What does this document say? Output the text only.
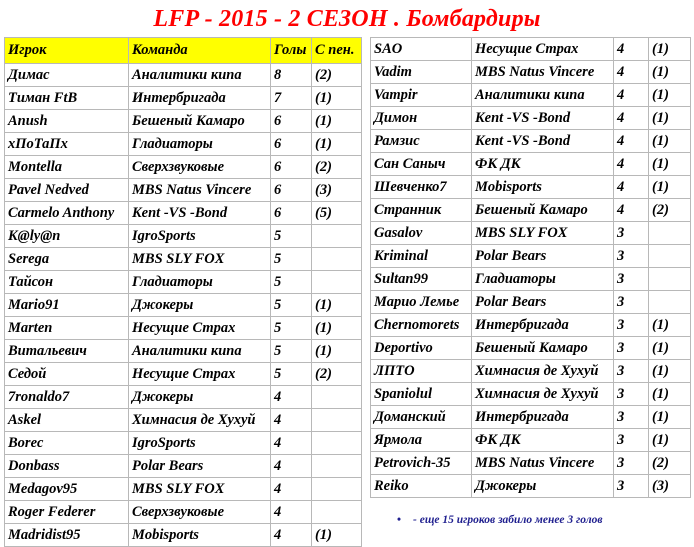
LFP - 2015 - 2 СЕЗОН . Бомбардиры
Игрок	Команда	Голы	С пен.
Димас	Аналитики кипа	8	(2)
Тuман FtB	Интербригада	7	(1)
Anush	Бешеный Камаро	6	(1)
хПоТаПх	Гладиаторы	6	(1)
Montella	Сверхзвуковые	6	(2)
Pavel Nedved	MBS Natus Vincere	6	(3)
Carmelo Anthony	Kent -VS -Bond	6	(5)
K@ly@n	IgroSports	5	
Serega	MBS SLY FOX	5	
Тайсон	Гладиаторы	5	
Mario91	Джокеры	5	(1)
Marten	Несущие Страх	5	(1)
Витальевич	Аналитики кипа	5	(1)
Седой	Несущие Страх	5	(2)
7ronaldo7	Джокеры	4	
Askel	Химнасия де Хухуй	4	
Borec	IgroSports	4	
Donbass	Polar Bears	4	
Medagov95	MBS SLY FOX	4	
Roger Federer	Сверхзвуковые	4	
Madridist95	Mobisports	4	(1)
SAO	Несущие Страх	4	(1)
Vadim	MBS Natus Vincere	4	(1)
Vampir	Аналитики кипа	4	(1)
Димон	Kent -VS -Bond	4	(1)
Рамзис	Kent -VS -Bond	4	(1)
Сан Саныч	ФК ДК	4	(1)
Шевченко7	Mobisports	4	(1)
Странник	Бешеный Камаро	4	(2)
Gasalov	MBS SLY FOX	3	
Kriminal	Polar Bears	3	
Sultan99	Гладиаторы	3	
Марио Лемье	Polar Bears	3	
Chernomorets	Интербригада	3	(1)
Deportivo	Бешеный Камаро	3	(1)
ЛПТО	Химнасия де Хухуй	3	(1)
Spaniolul	Химнасия де Хухуй	3	(1)
Доманский	Интербригада	3	(1)
Ярмола	ФК ДК	3	(1)
Petrovich-35	MBS Natus Vincere	3	(2)
Reiko	Джокеры	3	(3)
• - еще 15 игроков забило менее 3 голов
